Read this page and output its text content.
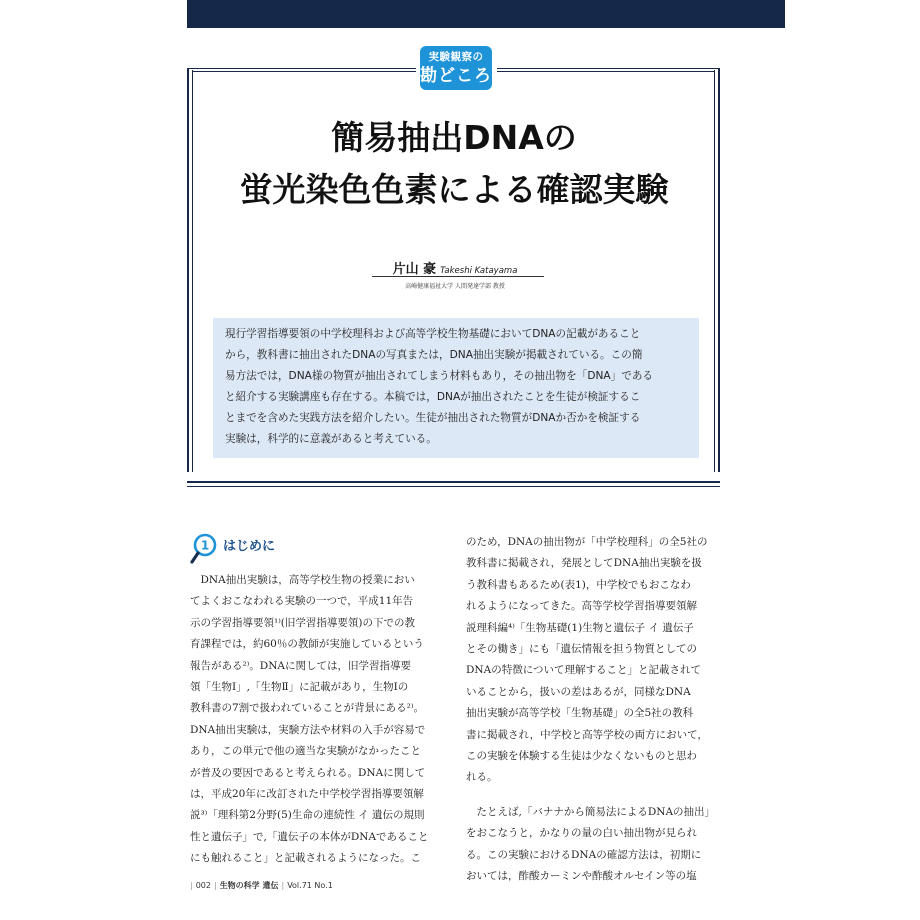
実験観察の
勘どころ
簡易抽出DNAの
蛍光染色色素による確認実験
片山 豪 Takeshi Katayama
高崎健康福祉大学 人間発達学部 教授

現行学習指導要領の中学校理科および高等学校生物基礎においてDNAの記載があること

から，教科書に抽出されたDNAの写真または，DNA抽出実験が掲載されている。この簡

易方法では，DNA様の物質が抽出されてしまう材料もあり，その抽出物を「DNA」である

と紹介する実験講座も存在する。本稿では，DNAが抽出されたことを生徒が検証するこ

とまでを含めた実践方法を紹介したい。生徒が抽出された物質がDNAか否かを検証する

実験は，科学的に意義があると考えている。

1 はじめに

　DNA抽出実験は，高等学校生物の授業におい

てよくおこなわれる実験の一つで，平成11年告

示の学習指導要領¹⁾(旧学習指導要領)の下での教

育課程では，約60％の教師が実施しているという

報告がある²⁾。DNAに関しては，旧学習指導要

領「生物Ⅰ」,「生物Ⅱ」に記載があり，生物Ⅰの

教科書の7割で扱われていることが背景にある²⁾。

DNA抽出実験は，実験方法や材料の入手が容易で

あり，この単元で他の適当な実験がなかったこと

が普及の要因であると考えられる。DNAに関して

は，平成20年に改訂された中学校学習指導要領解

説³⁾「理科第2分野(5)生命の連続性 イ 遺伝の規則

性と遺伝子」で,「遺伝子の本体がDNAであること

にも触れること」と記載されるようになった。こ

のため，DNAの抽出物が「中学校理科」の全5社の

教科書に掲載され，発展としてDNA抽出実験を扱

う教科書もあるため(表1)，中学校でもおこなわ

れるようになってきた。高等学校学習指導要領解

説理科編⁴⁾「生物基礎(1)生物と遺伝子 イ 遺伝子

とその働き」にも「遺伝情報を担う物質としての

DNAの特徴について理解すること」と記載されて

いることから，扱いの差はあるが，同様なDNA

抽出実験が高等学校「生物基礎」の全5社の教科

書に掲載され，中学校と高等学校の両方において，

この実験を体験する生徒は少なくないものと思わ

れる。

　たとえば,「バナナから簡易法によるDNAの抽出」

をおこなうと，かなりの量の白い抽出物が見られ

る。この実験におけるDNAの確認方法は，初期に

おいては，酢酸カーミンや酢酸オルセイン等の塩

| 002 | 生物の科学 遺伝 | Vol.71 No.1
